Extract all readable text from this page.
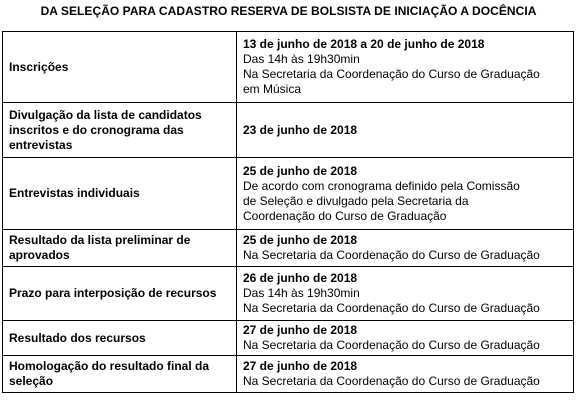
DA SELEÇÃO PARA CADASTRO RESERVA DE BOLSISTA DE INICIAÇÃO A DOCÊNCIA
Inscrições	13 de junho de 2018 a 20 de junho de 2018
Das 14h às 19h30min
Na Secretaria da Coordenação do Curso de Graduação
em Música

Divulgação da lista de candidatos inscritos e do cronograma das entrevistas	23 de junho de 2018

Entrevistas individuais	25 de junho de 2018
De acordo com cronograma definido pela Comissão
de Seleção e divulgado pela Secretaria da
Coordenação do Curso de Graduação

Resultado da lista preliminar de aprovados	25 de junho de 2018
Na Secretaria da Coordenação do Curso de Graduação

Prazo para interposição de recursos	26 de junho de 2018
Das 14h às 19h30min
Na Secretaria da Coordenação do Curso de Graduação

Resultado dos recursos	27 de junho de 2018
Na Secretaria da Coordenação do Curso de Graduação

Homologação do resultado final da seleção	27 de junho de 2018
Na Secretaria da Coordenação do Curso de Graduação
